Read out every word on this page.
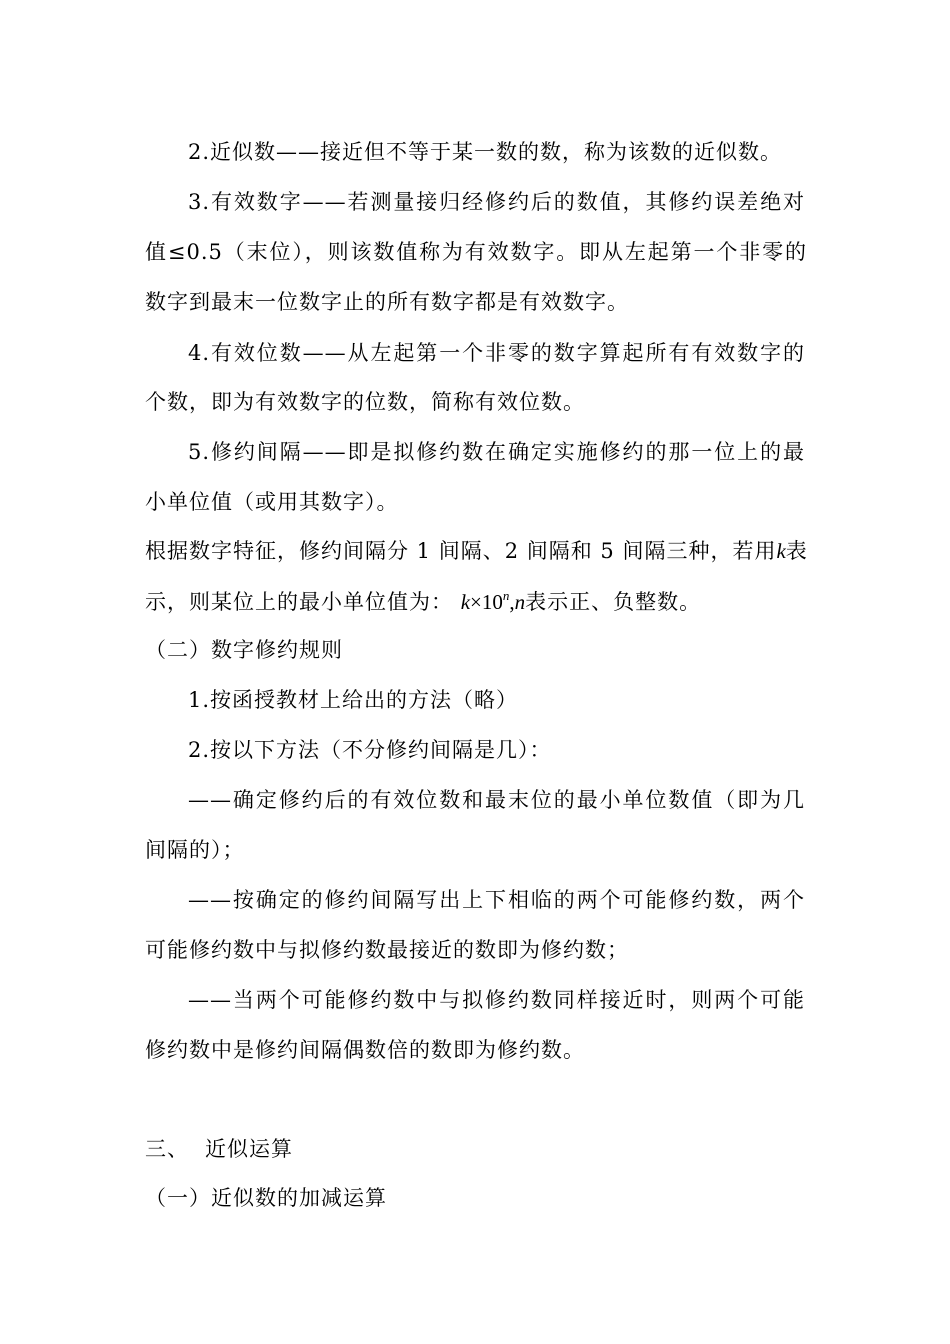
2.近似数——接近但不等于某一数的数，称为该数的近似数。
3.有效数字——若测量接归经修约后的数值，其修约误差绝对
值≤0.5（末位），则该数值称为有效数字。即从左起第一个非零的
数字到最末一位数字止的所有数字都是有效数字。
4.有效位数——从左起第一个非零的数字算起所有有效数字的
个数，即为有效数字的位数，简称有效位数。
5.修约间隔——即是拟修约数在确定实施修约的那一位上的最
小单位值（或用其数字）。
根据数字特征，修约间隔分 1 间隔、2 间隔和 5 间隔三种，若用k表
示，则某位上的最小单位值为： $k\times 10^n,n$表示正、负整数。
（二）数字修约规则
1.按函授教材上给出的方法（略）
2.按以下方法（不分修约间隔是几）：
——确定修约后的有效位数和最末位的最小单位数值（即为几
间隔的）；
——按确定的修约间隔写出上下相临的两个可能修约数，两个
可能修约数中与拟修约数最接近的数即为修约数；
——当两个可能修约数中与拟修约数同样接近时，则两个可能
修约数中是修约间隔偶数倍的数即为修约数。
三、 近似运算
（一）近似数的加减运算
